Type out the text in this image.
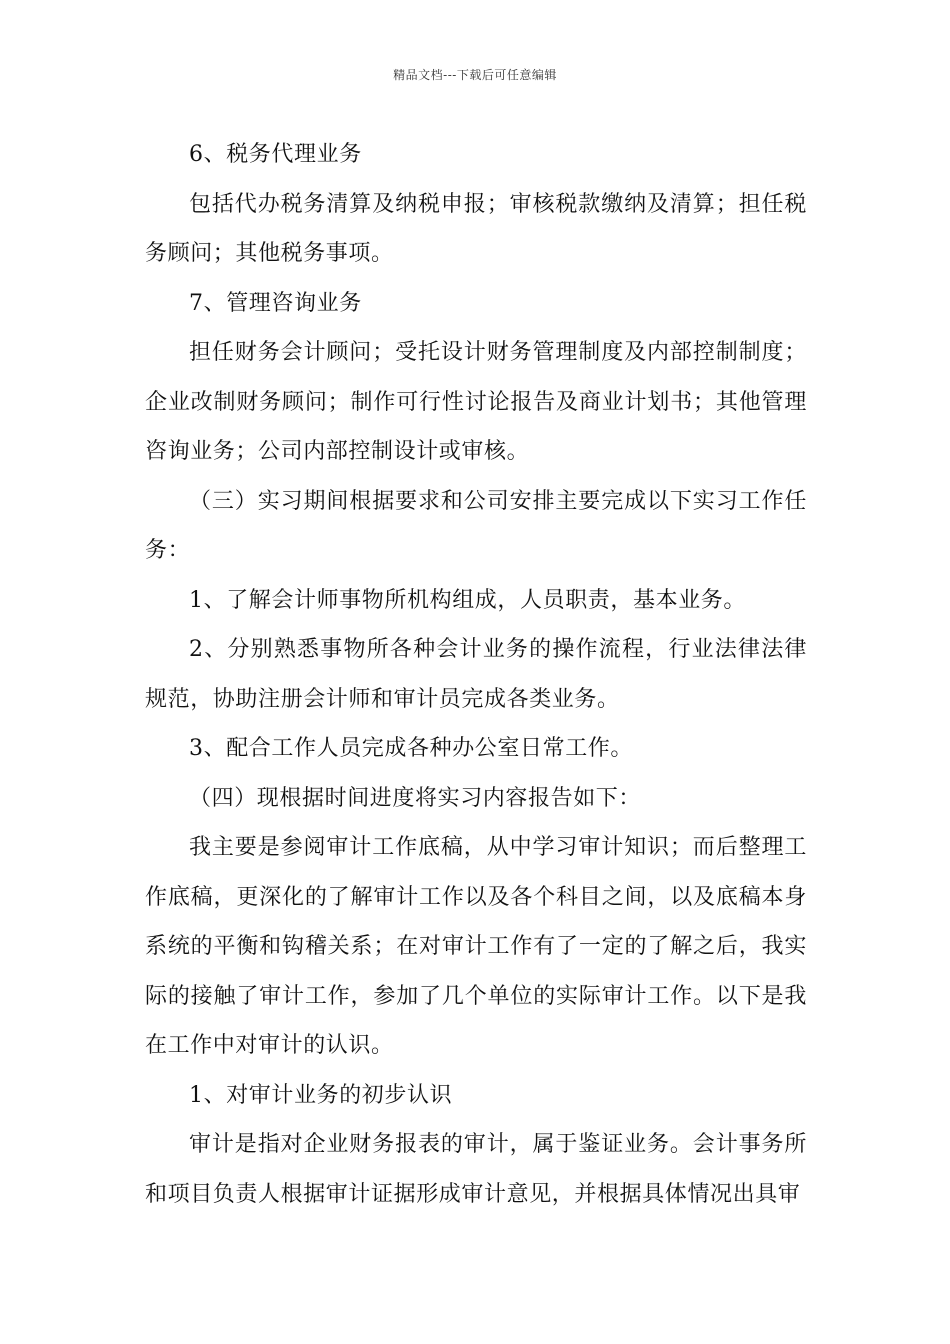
精品文档---下载后可任意编辑

6、税务代理业务

包括代办税务清算及纳税申报；审核税款缴纳及清算；担任税务顾问；其他税务事项。

7、管理咨询业务

担任财务会计顾问；受托设计财务管理制度及内部控制制度；企业改制财务顾问；制作可行性讨论报告及商业计划书；其他管理咨询业务；公司内部控制设计或审核。

（三）实习期间根据要求和公司安排主要完成以下实习工作任务：

1、了解会计师事物所机构组成，人员职责，基本业务。

2、分别熟悉事物所各种会计业务的操作流程，行业法律法律规范，协助注册会计师和审计员完成各类业务。

3、配合工作人员完成各种办公室日常工作。

（四）现根据时间进度将实习内容报告如下：

我主要是参阅审计工作底稿，从中学习审计知识；而后整理工作底稿，更深化的了解审计工作以及各个科目之间，以及底稿本身系统的平衡和钩稽关系；在对审计工作有了一定的了解之后，我实际的接触了审计工作，参加了几个单位的实际审计工作。以下是我在工作中对审计的认识。

1、对审计业务的初步认识

审计是指对企业财务报表的审计，属于鉴证业务。会计事务所和项目负责人根据审计证据形成审计意见，并根据具体情况出具审
